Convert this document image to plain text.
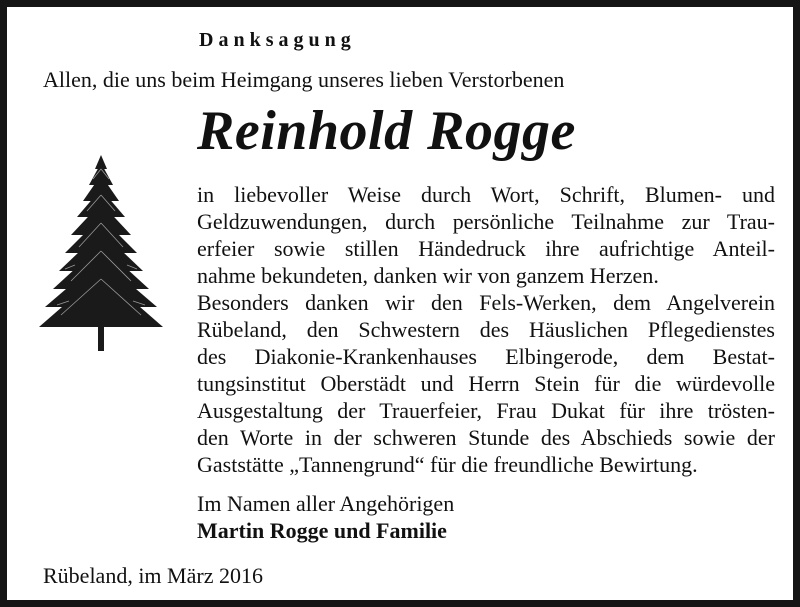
Danksagung
Allen, die uns beim Heimgang unseres lieben Verstorbenen
Reinhold Rogge
in liebevoller Weise durch Wort, Schrift, Blumen- und
Geldzuwendungen, durch persönliche Teilnahme zur Trau-
erfeier sowie stillen Händedruck ihre aufrichtige Anteil-
nahme bekundeten, danken wir von ganzem Herzen.
Besonders danken wir den Fels-Werken, dem Angelverein
Rübeland, den Schwestern des Häuslichen Pflegedienstes
des Diakonie-Krankenhauses Elbingerode, dem Bestat-
tungsinstitut Oberstädt und Herrn Stein für die würdevolle
Ausgestaltung der Trauerfeier, Frau Dukat für ihre trösten-
den Worte in der schweren Stunde des Abschieds sowie der
Gaststätte „Tannengrund“ für die freundliche Bewirtung.
Im Namen aller Angehörigen
Martin Rogge und Familie
Rübeland, im März 2016
